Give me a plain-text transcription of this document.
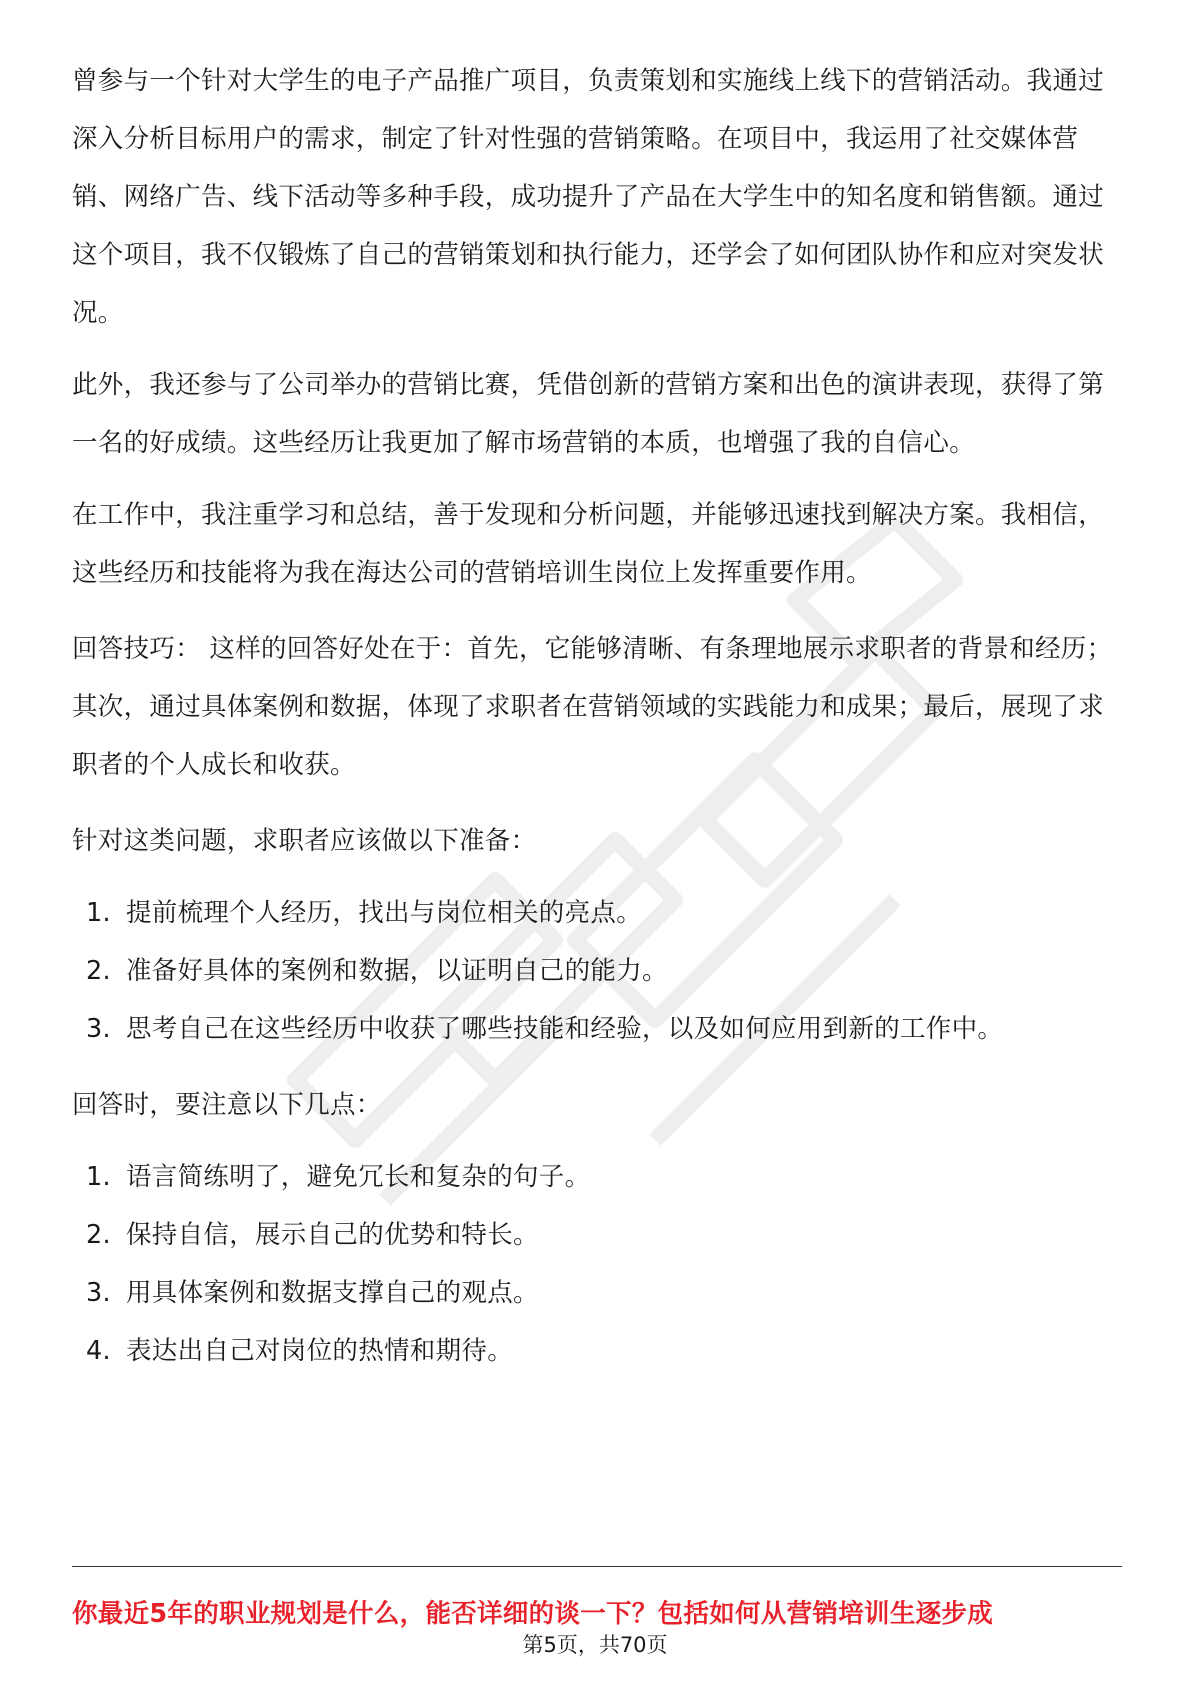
曾参与一个针对大学生的电子产品推广项目，负责策划和实施线上线下的营销活动。我通过深入分析目标用户的需求，制定了针对性强的营销策略。在项目中，我运用了社交媒体营销、网络广告、线下活动等多种手段，成功提升了产品在大学生中的知名度和销售额。通过这个项目，我不仅锻炼了自己的营销策划和执行能力，还学会了如何团队协作和应对突发状况。

此外，我还参与了公司举办的营销比赛，凭借创新的营销方案和出色的演讲表现，获得了第一名的好成绩。这些经历让我更加了解市场营销的本质，也增强了我的自信心。

在工作中，我注重学习和总结，善于发现和分析问题，并能够迅速找到解决方案。我相信，这些经历和技能将为我在海达公司的营销培训生岗位上发挥重要作用。

回答技巧： 这样的回答好处在于：首先，它能够清晰、有条理地展示求职者的背景和经历；其次，通过具体案例和数据，体现了求职者在营销领域的实践能力和成果；最后，展现了求职者的个人成长和收获。

针对这类问题，求职者应该做以下准备：

1. 提前梳理个人经历，找出与岗位相关的亮点。
2. 准备好具体的案例和数据，以证明自己的能力。
3. 思考自己在这些经历中收获了哪些技能和经验，以及如何应用到新的工作中。

回答时，要注意以下几点：

1. 语言简练明了，避免冗长和复杂的句子。
2. 保持自信，展示自己的优势和特长。
3. 用具体案例和数据支撑自己的观点。
4. 表达出自己对岗位的热情和期待。
你最近5年的职业规划是什么，能否详细的谈一下？包括如何从营销培训生逐步成
第5页，共70页
